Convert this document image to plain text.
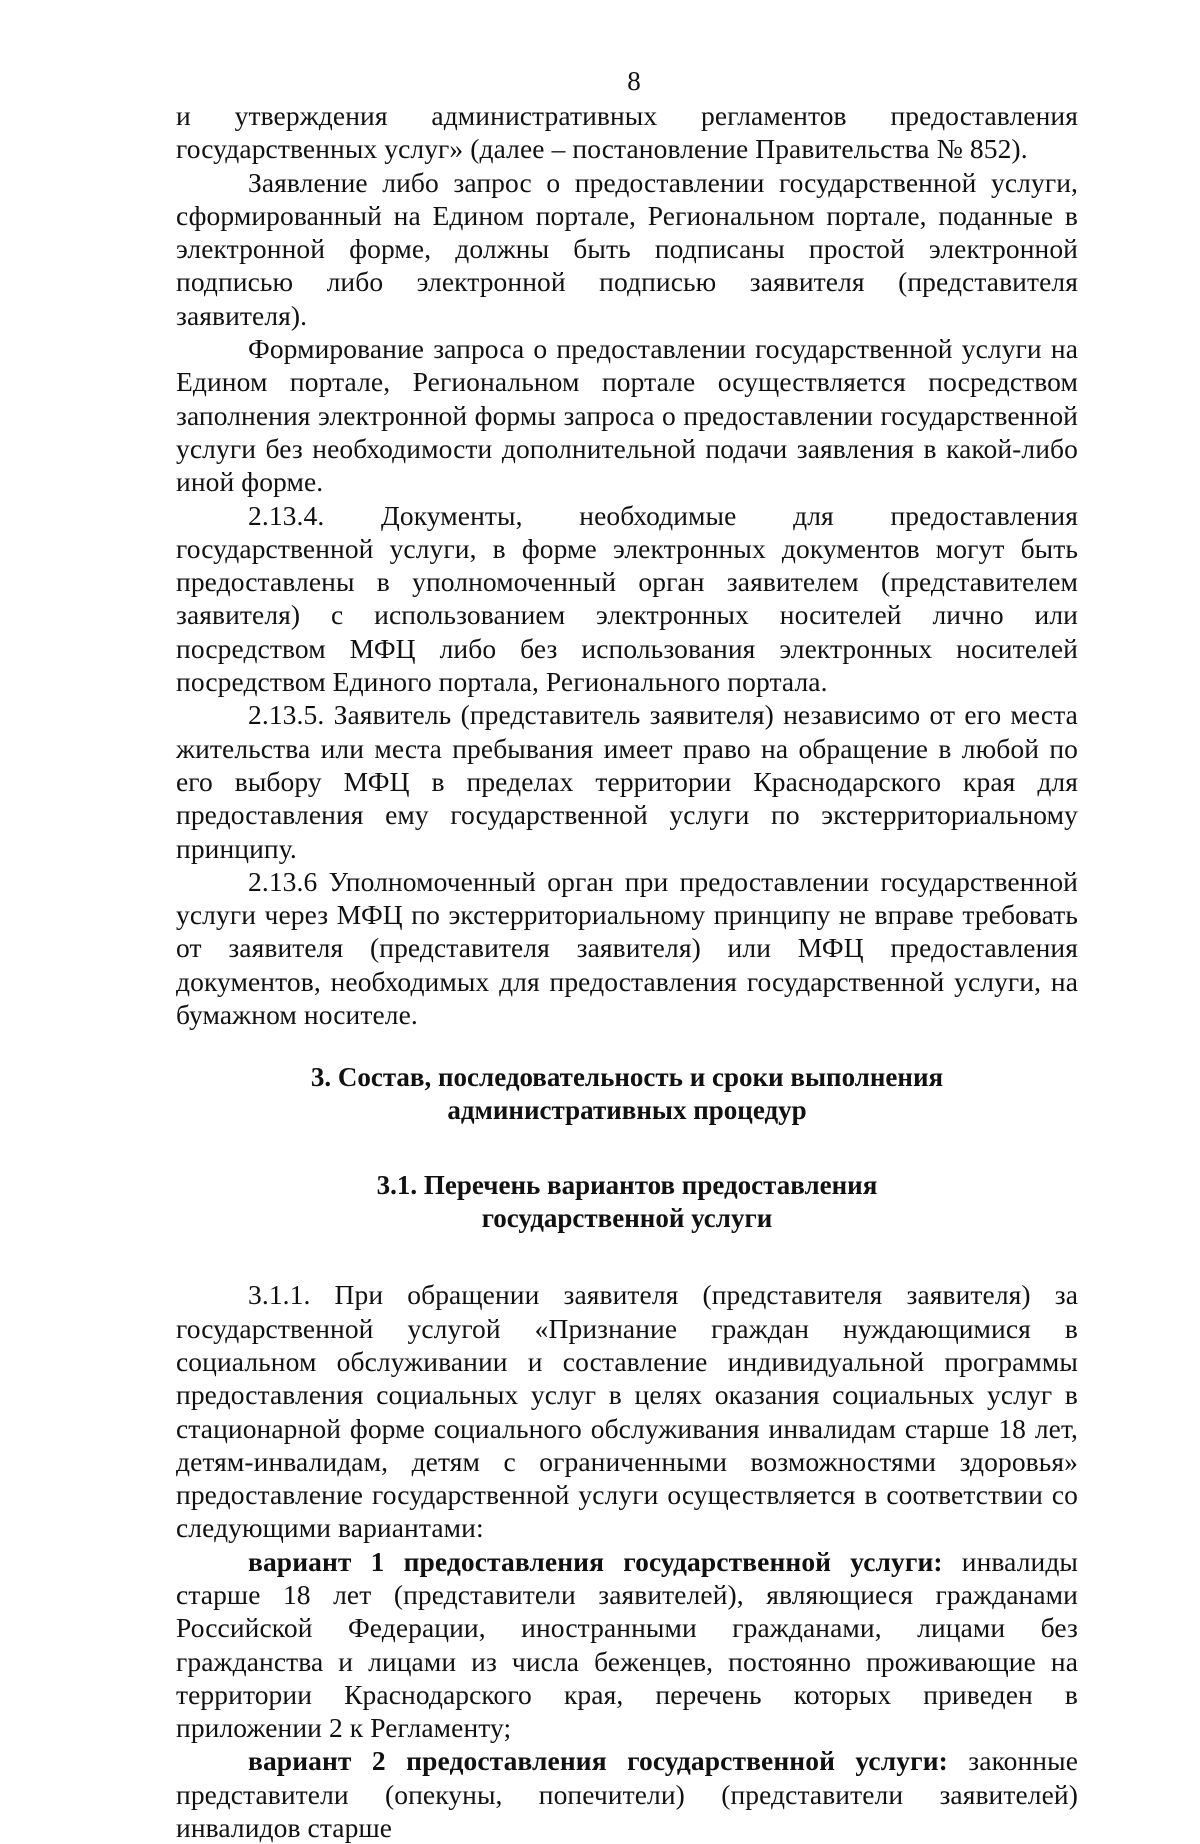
8

и утверждения административных регламентов предоставления государственных услуг» (далее – постановление Правительства № 852).

Заявление либо запрос о предоставлении государственной услуги, сформированный на Едином портале, Региональном портале, поданные в электронной форме, должны быть подписаны простой электронной подписью либо электронной подписью заявителя (представителя заявителя).

Формирование запроса о предоставлении государственной услуги на Едином портале, Региональном портале осуществляется посредством заполнения электронной формы запроса о предоставлении государственной услуги без необходимости дополнительной подачи заявления в какой-либо иной форме.

2.13.4. Документы, необходимые для предоставления государственной услуги, в форме электронных документов могут быть предоставлены в уполномоченный орган заявителем (представителем заявителя) с использованием электронных носителей лично или посредством МФЦ либо без использования электронных носителей посредством Единого портала, Регионального портала.

2.13.5. Заявитель (представитель заявителя) независимо от его места жительства или места пребывания имеет право на обращение в любой по его выбору МФЦ в пределах территории Краснодарского края для предоставления ему государственной услуги по экстерриториальному принципу.

2.13.6 Уполномоченный орган при предоставлении государственной услуги через МФЦ по экстерриториальному принципу не вправе требовать от заявителя (представителя заявителя) или МФЦ предоставления документов, необходимых для предоставления государственной услуги, на бумажном носителе.

3. Состав, последовательность и сроки выполнения
административных процедур
3.1. Перечень вариантов предоставления
государственной услуги

3.1.1. При обращении заявителя (представителя заявителя) за государственной услугой «Признание граждан нуждающимися в социальном обслуживании и составление индивидуальной программы предоставления социальных услуг в целях оказания социальных услуг в стационарной форме социального обслуживания инвалидам старше 18 лет, детям-инвалидам, детям с ограниченными возможностями здоровья» предоставление государственной услуги осуществляется в соответствии со следующими вариантами:

вариант 1 предоставления государственной услуги: инвалиды старше 18 лет (представители заявителей), являющиеся гражданами Российской Федерации, иностранными гражданами, лицами без гражданства и лицами из числа беженцев, постоянно проживающие на территории Краснодарского края, перечень которых приведен в приложении 2 к Регламенту;

вариант 2 предоставления государственной услуги: законные представители (опекуны, попечители) (представители заявителей) инвалидов старше
